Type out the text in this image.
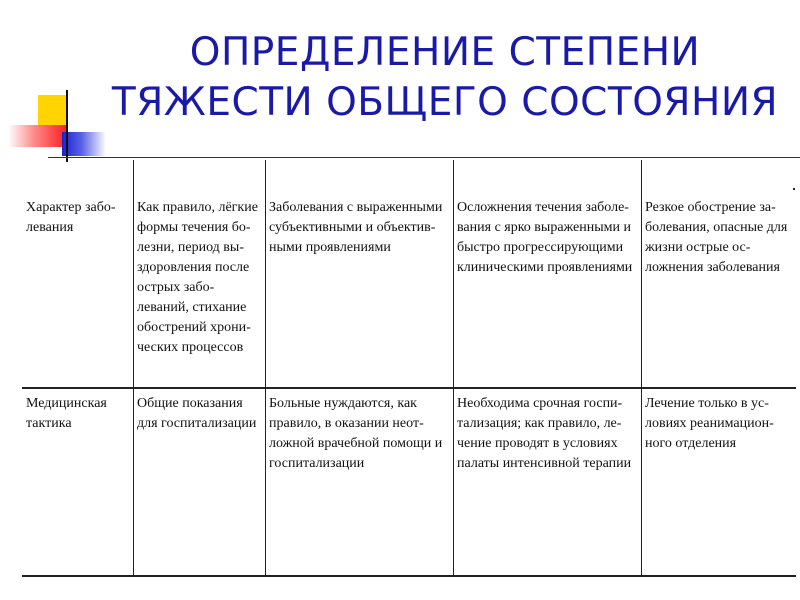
ОПРЕДЕЛЕНИЕ СТЕПЕНИ
ТЯЖЕСТИ ОБЩЕГО СОСТОЯНИЯ
Характер забо-
левания
Как правило, лёгкие
формы течения бо-
лезни, период вы-
здоровления после
острых забо-
леваний, стихание
обострений хрони-
ческих процессов
Заболевания с выраженными
субъективными и объектив-
ными проявлениями
Осложнения течения заболе-
вания с ярко выраженными и
быстро прогрессирующими
клиническими проявлениями
Резкое обострение за-
болевания, опасные для
жизни острые ос-
ложнения заболевания
Медицинская
тактика
Общие показания
для госпитализации
Больные нуждаются, как
правило, в оказании неот-
ложной врачебной помощи и
госпитализации
Необходима срочная госпи-
тализация; как правило, ле-
чение проводят в условиях
палаты интенсивной терапии
Лечение только в ус-
ловиях реанимацион-
ного отделения
